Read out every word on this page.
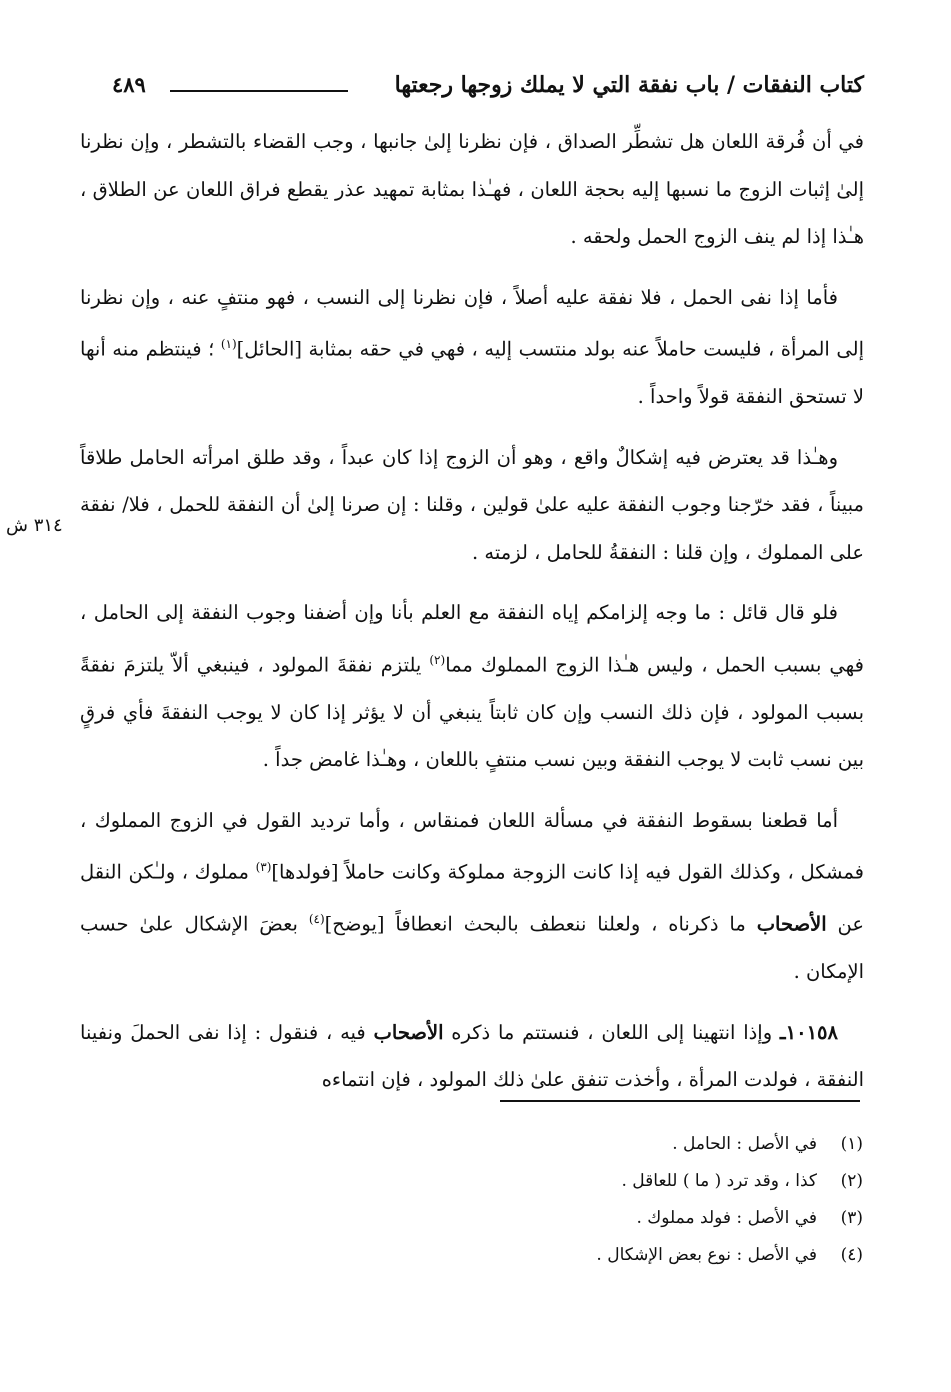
كتاب النفقات / باب نفقة التي لا يملك زوجها رجعتها
٤٨٩
٣١٤ ش

في أن فُرقة اللعان هل تشطِّر الصداق ، فإن نظرنا إلىٰ جانبها ، وجب القضاء بالتشطر ، وإن نظرنا إلىٰ إثبات الزوج ما نسبها إليه بحجة اللعان ، فهـٰذا بمثابة تمهيد عذر يقطع فراق اللعان عن الطلاق ، هـٰذا إذا لم ينف الزوج الحمل ولحقه .

فأما إذا نفى الحمل ، فلا نفقة عليه أصلاً ، فإن نظرنا إلى النسب ، فهو منتفٍ عنه ، وإن نظرنا إلى المرأة ، فليست حاملاً عنه بولد منتسب إليه ، فهي في حقه بمثابة [الحائل]$^{(١)}$ ؛ فينتظم منه أنها لا تستحق النفقة قولاً واحداً .

وهـٰذا قد يعترض فيه إشكالٌ واقع ، وهو أن الزوج إذا كان عبداً ، وقد طلق امرأته الحامل طلاقاً مبيناً ، فقد خرّجنا وجوب النفقة عليه علىٰ قولين ، وقلنا : إن صرنا إلىٰ أن النفقة للحمل ، فلا/ نفقة على المملوك ، وإن قلنا : النفقةُ للحامل ، لزمته .

فلو قال قائل : ما وجه إلزامكم إياه النفقة مع العلم بأنا وإن أضفنا وجوب النفقة إلى الحامل ، فهي بسبب الحمل ، وليس هـٰذا الزوج المملوك مما$^{(٢)}$ يلتزم نفقةَ المولود ، فينبغي ألاّ يلتزمَ نفقةً بسبب المولود ، فإن ذلك النسب وإن كان ثابتاً ينبغي أن لا يؤثر إذا كان لا يوجب النفقةَ فأي فرقٍ بين نسب ثابت لا يوجب النفقة وبين نسب منتفٍ باللعان ، وهـٰذا غامض جداً .

أما قطعنا بسقوط النفقة في مسألة اللعان فمنقاس ، وأما ترديد القول في الزوج المملوك ، فمشكل ، وكذلك القول فيه إذا كانت الزوجة مملوكة وكانت حاملاً [فولدها]$^{(٣)}$ مملوك ، ولـٰكن النقل عن الأصحاب ما ذكرناه ، ولعلنا ننعطف بالبحث انعطافاً [يوضح]$^{(٤)}$ بعضَ الإشكال علىٰ حسب الإمكان .

١٠١٥٨ـ وإذا انتهينا إلى اللعان ، فنستتم ما ذكره الأصحاب فيه ، فنقول : إذا نفى الحملَ ونفينا النفقة ، فولدت المرأة ، وأخذت تنفق علىٰ ذلك المولود ، فإن انتماءه

(١)في الأصل : الحامل .
(٢)كذا ، وقد ترد ( ما ) للعاقل .
(٣)في الأصل : فولد مملوك .
(٤)في الأصل : نوع بعض الإشكال .
